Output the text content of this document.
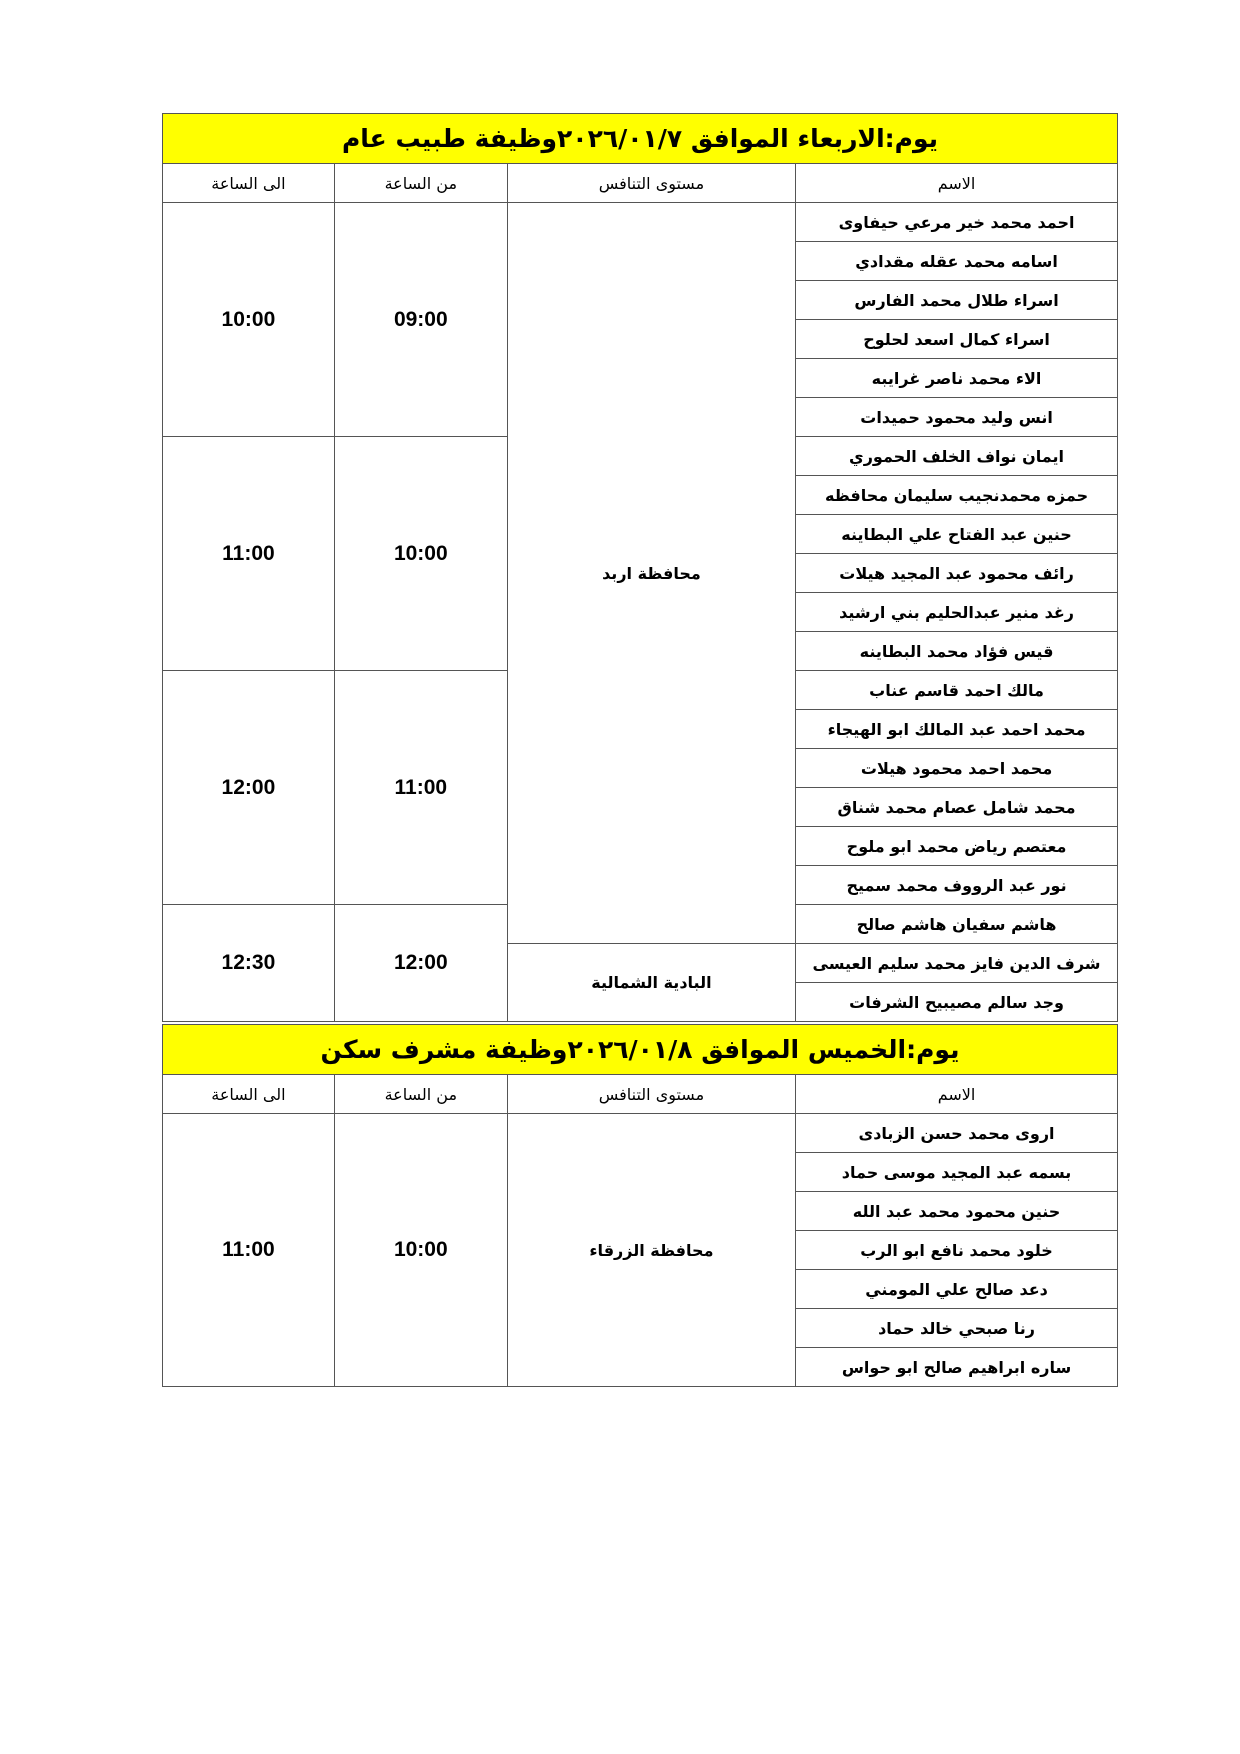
يوم:الاربعاء الموافق ٢٠٢٦/٠١/٧وظيفة طبيب عام			
الاسم	مستوى التنافس	من الساعة	الى الساعة
احمد محمد خير مرعي حيفاوى	محافظة اربد	09:00	10:00
اسامه محمد عقله مقدادي			
اسراء طلال محمد الفارس			
اسراء كمال اسعد لحلوح			
الاء محمد ناصر غرايبه			
انس وليد محمود حميدات			
ايمان نواف الخلف الحموري		10:00	11:00
حمزه محمدنجيب سليمان محافظه			
حنين عبد الفتاح علي البطاينه			
رائف محمود عبد المجيد هيلات			
رغد منير عبدالحليم بني ارشيد			
قيس فؤاد محمد البطاينه			
مالك احمد قاسم عناب		11:00	12:00
محمد احمد عبد المالك ابو الهيجاء			
محمد احمد محمود هيلات			
محمد شامل عصام محمد شناق			
معتصم رياض محمد ابو ملوح			
نور عبد الرووف محمد سميح			
هاشم سفيان هاشم صالح		12:00	12:30
شرف الدين فايز محمد سليم العيسى	البادية الشمالية		
وجد سالم مصيبيح الشرفات			
يوم:الخميس الموافق ٢٠٢٦/٠١/٨وظيفة مشرف سكن			
الاسم	مستوى التنافس	من الساعة	الى الساعة
اروى محمد حسن الزبادى	محافظة الزرقاء	10:00	11:00
بسمه عبد المجيد موسى حماد			
حنين محمود محمد عبد الله			
خلود محمد نافع ابو الرب			
دعد صالح علي المومني			
رنا صبحي خالد حماد			
ساره ابراهيم صالح ابو حواس			
